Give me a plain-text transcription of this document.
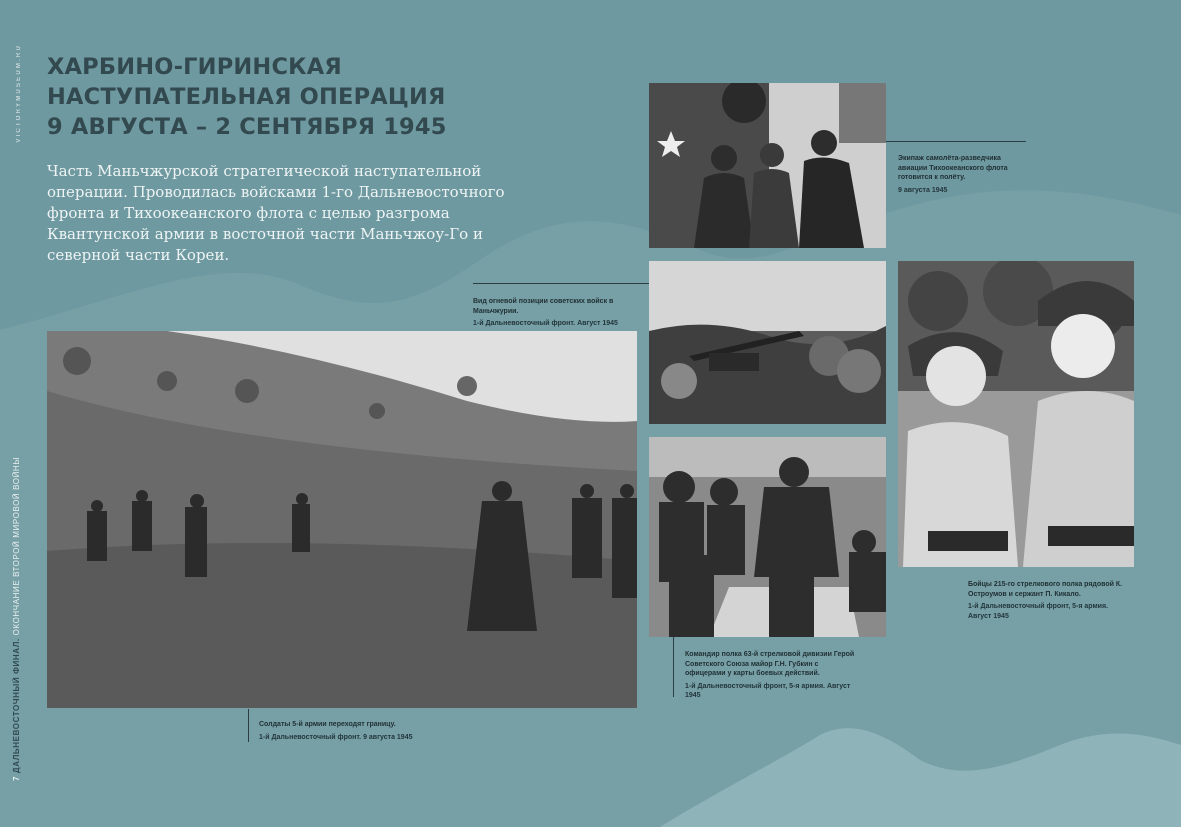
VICTORYMUSEUM.RU
7 ДАЛЬНЕВОСТОЧНЫЙ ФИНАЛ. ОКОНЧАНИЕ ВТОРОЙ МИРОВОЙ ВОЙНЫ
ХАРБИНО-ГИРИНСКАЯ
НАСТУПАТЕЛЬНАЯ ОПЕРАЦИЯ
9 АВГУСТА – 2 СЕНТЯБРЯ 1945

Часть Маньчжурской стратегической наступательной операции. Проводилась войсками 1-го Дальневосточного фронта и Тихоокеанского флота с целью разгрома Квантунской армии в восточной части Маньчжоу-Го и северной части Кореи.

Экипаж самолёта-разведчика авиации Тихоокеанского флота готовится к полёту.
9 августа 1945
Вид огневой позиции советских войск в Маньчжурии.
1-й Дальневосточный фронт. Август 1945
Солдаты 5-й армии переходят границу.
1-й Дальневосточный фронт. 9 августа 1945
Командир полка 63-й стрелковой дивизии Герой Советского Союза майор Г.Н. Губкин с офицерами у карты боевых действий.
1-й Дальневосточный фронт, 5-я армия. Август 1945
Бойцы 215-го стрелкового полка рядовой К. Остроумов и сержант П. Кикало.
1-й Дальневосточный фронт, 5-я армия. Август 1945
